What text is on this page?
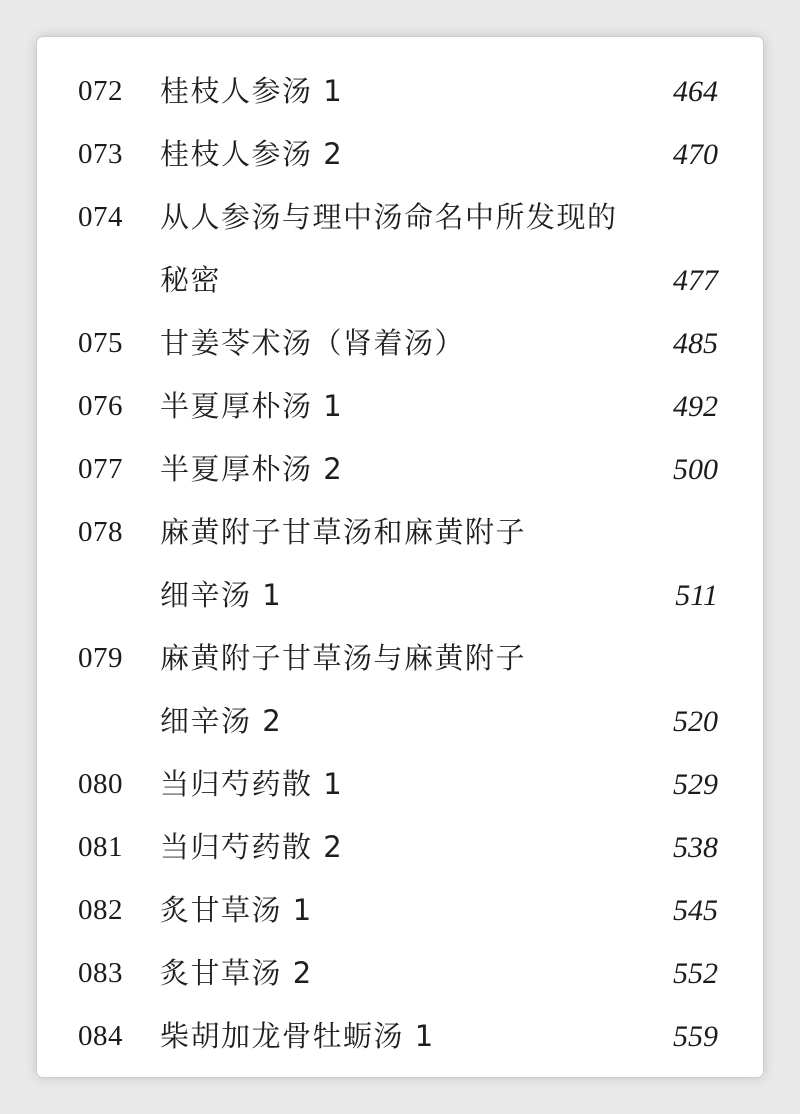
072 桂枝人参汤 1	464
073 桂枝人参汤 2	470
074 从人参汤与理中汤命名中所发现的
秘密	477
075 甘姜苓术汤（肾着汤）	485
076 半夏厚朴汤 1	492
077 半夏厚朴汤 2	500
078 麻黄附子甘草汤和麻黄附子
细辛汤 1	511
079 麻黄附子甘草汤与麻黄附子
细辛汤 2	520
080 当归芍药散 1	529
081 当归芍药散 2	538
082 炙甘草汤 1	545
083 炙甘草汤 2	552
084 柴胡加龙骨牡蛎汤 1	559
